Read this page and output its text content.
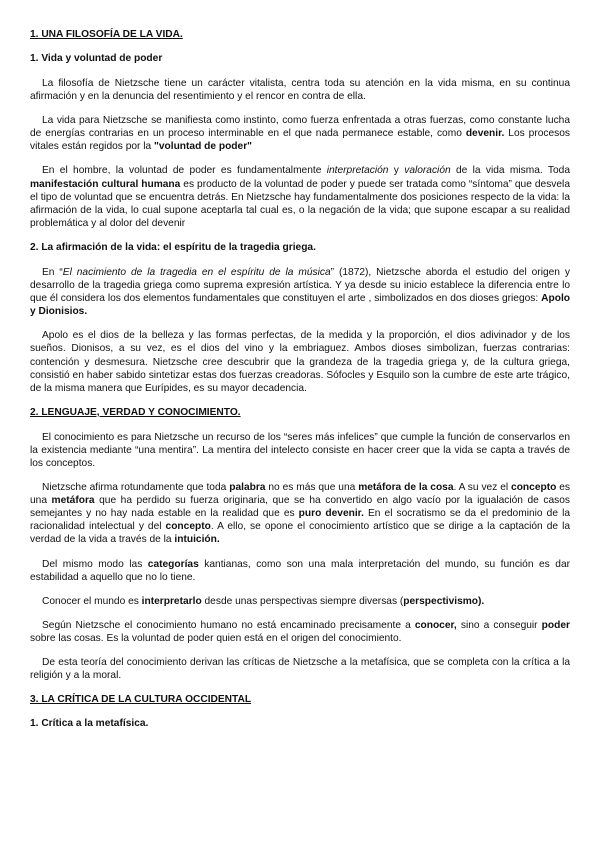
1. UNA FILOSOFÍA DE LA VIDA.
1. Vida y voluntad de poder

La filosofía de Nietzsche tiene un carácter vitalista, centra toda su atención en la vida misma, en su continua afirmación y en la denuncia del resentimiento y el rencor en contra de ella.

La vida para Nietzsche se manifiesta como instinto, como fuerza enfrentada a otras fuerzas, como constante lucha de energías contrarias en un proceso interminable en el que nada permanece estable, como devenir. Los procesos vitales están regidos por la "voluntad de poder"

En el hombre, la voluntad de poder es fundamentalmente interpretación y valoración de la vida misma. Toda manifestación cultural humana es producto de la voluntad de poder y puede ser tratada como “síntoma” que desvela el tipo de voluntad que se encuentra detrás. En Nietzsche hay fundamentalmente dos posiciones respecto de la vida: la afirmación de la vida, lo cual supone aceptarla tal cual es, o la negación de la vida; que supone escapar a su realidad problemática y al dolor del devenir

2. La afirmación de la vida: el espíritu de la tragedia griega.

En “El nacimiento de la tragedia en el espíritu de la música” (1872), Nietzsche aborda el estudio del origen y desarrollo de la tragedia griega como suprema expresión artística. Y ya desde su inicio establece la diferencia entre lo que él considera los dos elementos fundamentales que constituyen el arte , simbolizados en dos dioses griegos: Apolo y Dionisios.

Apolo es el dios de la belleza y las formas perfectas, de la medida y la proporción, el dios adivinador y de los sueños. Dionisos, a su vez, es el dios del vino y la embriaguez. Ambos dioses simbolizan, fuerzas contrarias: contención y desmesura. Nietzsche cree descubrir que la grandeza de la tragedia griega y, de la cultura griega, consistió en haber sabido sintetizar estas dos fuerzas creadoras. Sófocles y Esquilo son la cumbre de este arte trágico, de la misma manera que Eurípides, es su mayor decadencia.

2. LENGUAJE, VERDAD Y CONOCIMIENTO.

El conocimiento es para Nietzsche un recurso de los “seres más infelices” que cumple la función de conservarlos en la existencia mediante “una mentira”. La mentira del intelecto consiste en hacer creer que la vida se capta a través de los conceptos.

Nietzsche afirma rotundamente que toda palabra no es más que una metáfora de la cosa. A su vez el concepto es una metáfora que ha perdido su fuerza originaria, que se ha convertido en algo vacío por la igualación de casos semejantes y no hay nada estable en la realidad que es puro devenir. En el socratismo se da el predominio de la racionalidad intelectual y del concepto. A ello, se opone el conocimiento artístico que se dirige a la captación de la verdad de la vida a través de la intuición.

Del mismo modo las categorías kantianas, como son una mala interpretación del mundo, su función es dar estabilidad a aquello que no lo tiene.

Conocer el mundo es interpretarlo desde unas perspectivas siempre diversas (perspectivismo).

Según Nietzsche el conocimiento humano no está encaminado precisamente a conocer, sino a conseguir poder sobre las cosas. Es la voluntad de poder quien está en el origen del conocimiento.

De esta teoría del conocimiento derivan las críticas de Nietzsche a la metafísica, que se completa con la crítica a la religión y a la moral.

3. LA CRÍTICA DE LA CULTURA OCCIDENTAL
1. Crítica a la metafísica.
